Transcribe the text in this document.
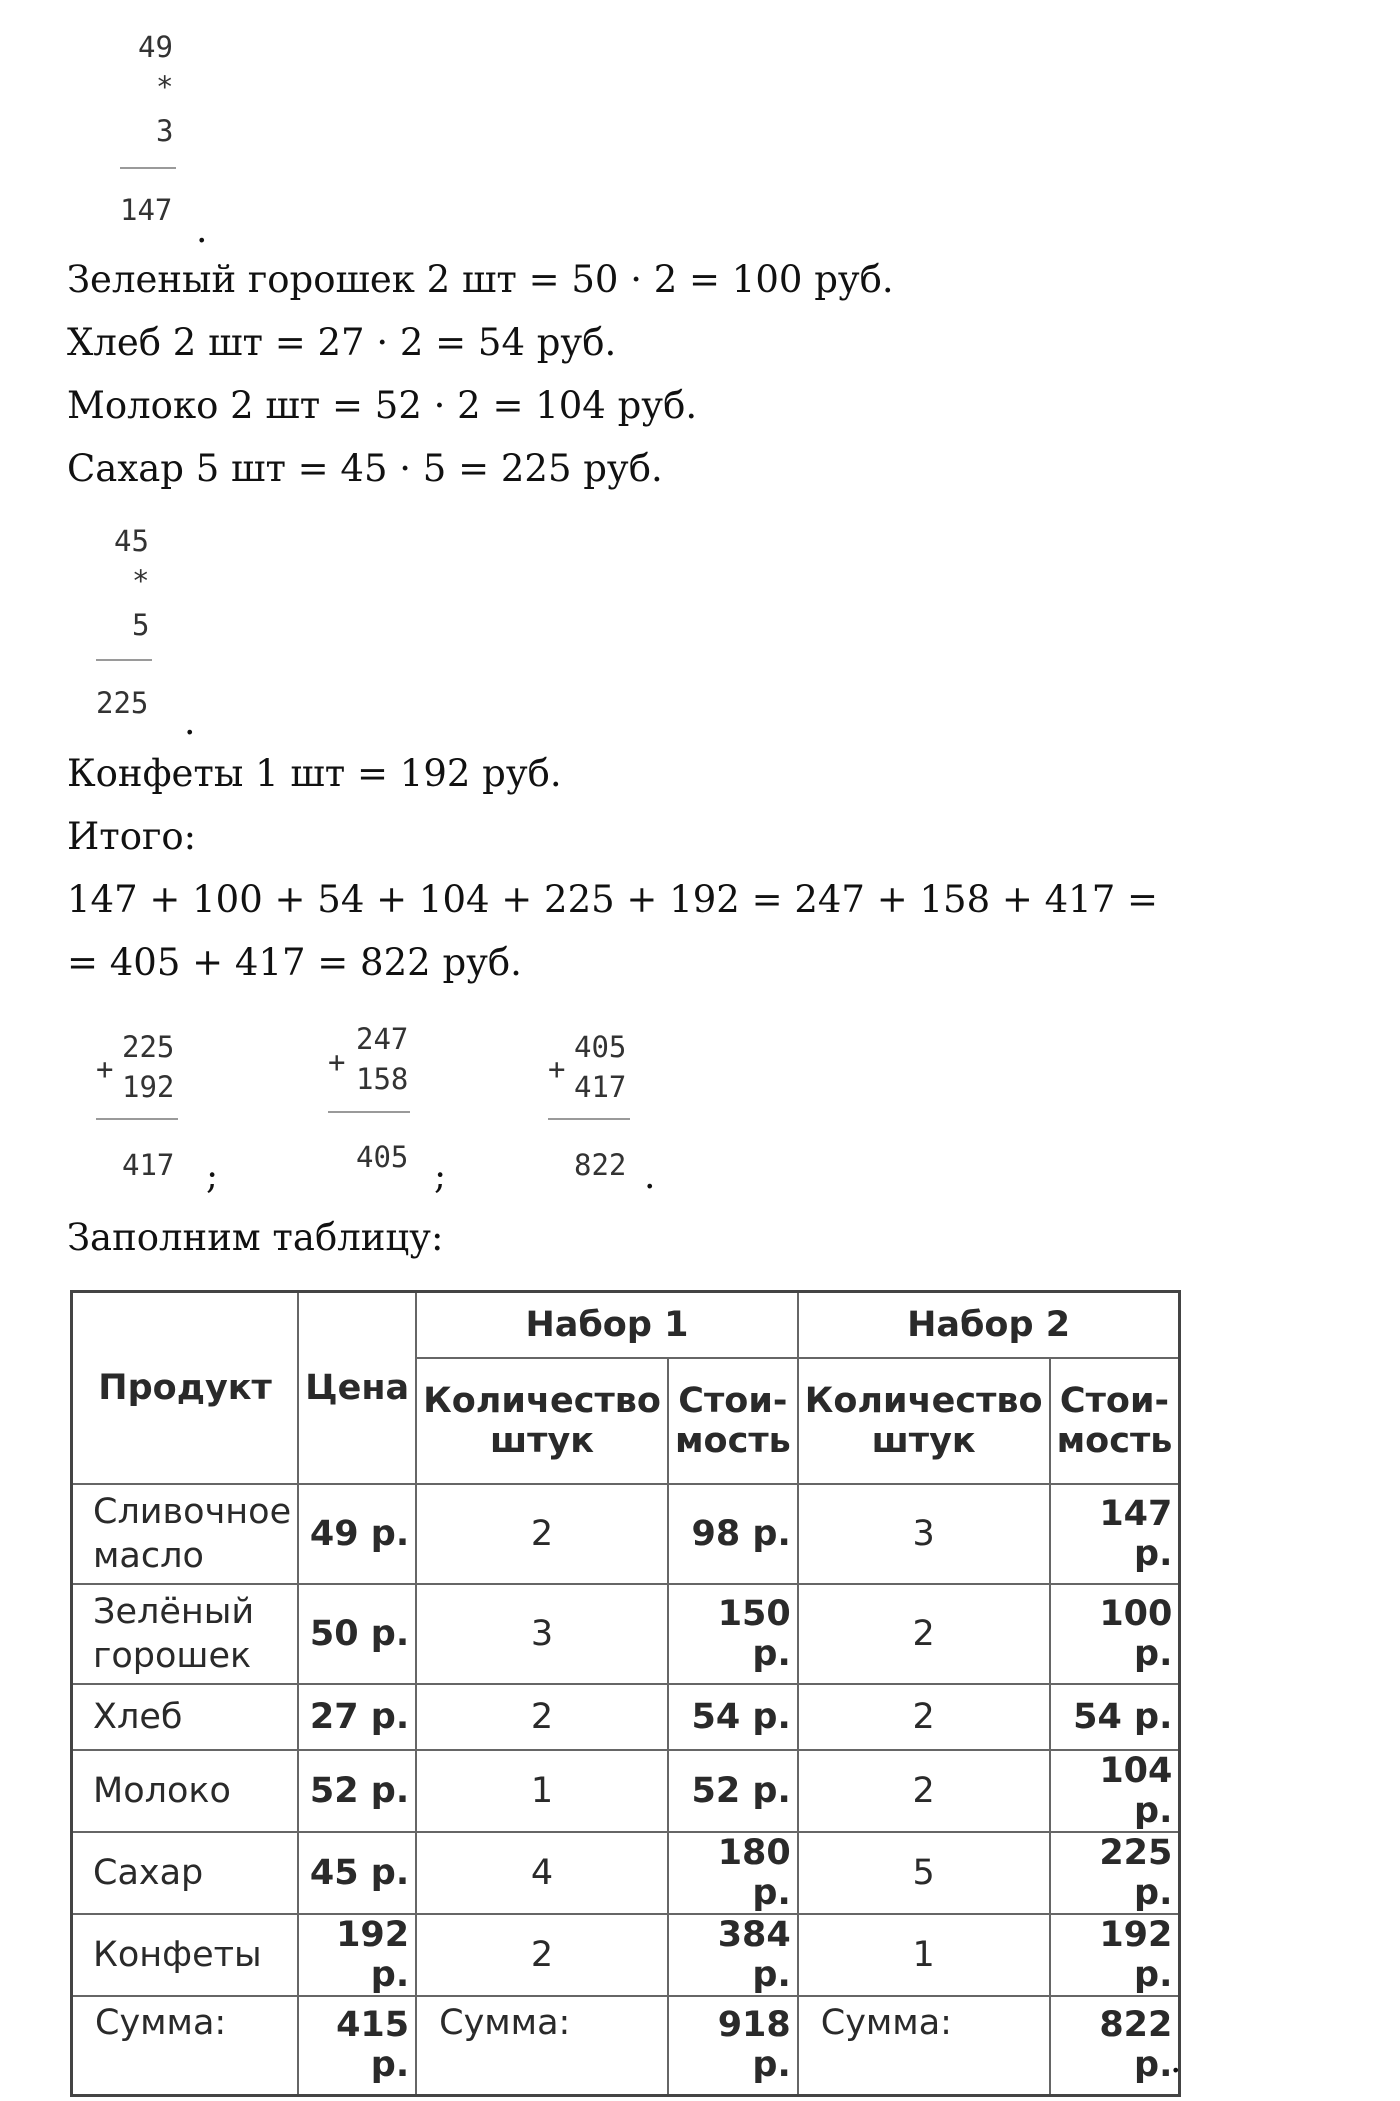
49
*
3
147 .
Зеленый горошек 2 шт = 50 · 2 = 100 руб.
Хлеб 2 шт = 27 · 2 = 54 руб.
Молоко 2 шт = 52 · 2 = 104 руб.
Сахар 5 шт = 45 · 5 = 225 руб.
45
*
5
225 .
Конфеты 1 шт = 192 руб.
Итого:
147 + 100 + 54 + 104 + 225 + 192 = 247 + 158 + 417 =
= 405 + 417 = 822 руб.
+
225
192
417 ;
+
247
158
405 ;
+
405
417
822 .
Заполним таблицу:
Продукт	Цена	Набор 1		Набор 2	
		Количество штук	Стои- мость	Количество штук	Стои- мость
Сливочное масло	49 р.	2	98 р.	3	147 р.
Зелёный горошек	50 р.	3	150 р.	2	100 р.
Хлеб	27 р.	2	54 р.	2	54 р.
Молоко	52 р.	1	52 р.	2	104 р.
Сахар	45 р.	4	180 р.	5	225 р.
Конфеты	192 р.	2	384 р.	1	192 р.
Сумма:	415 р.	Сумма:	918 р.	Сумма:	822 р.
.
